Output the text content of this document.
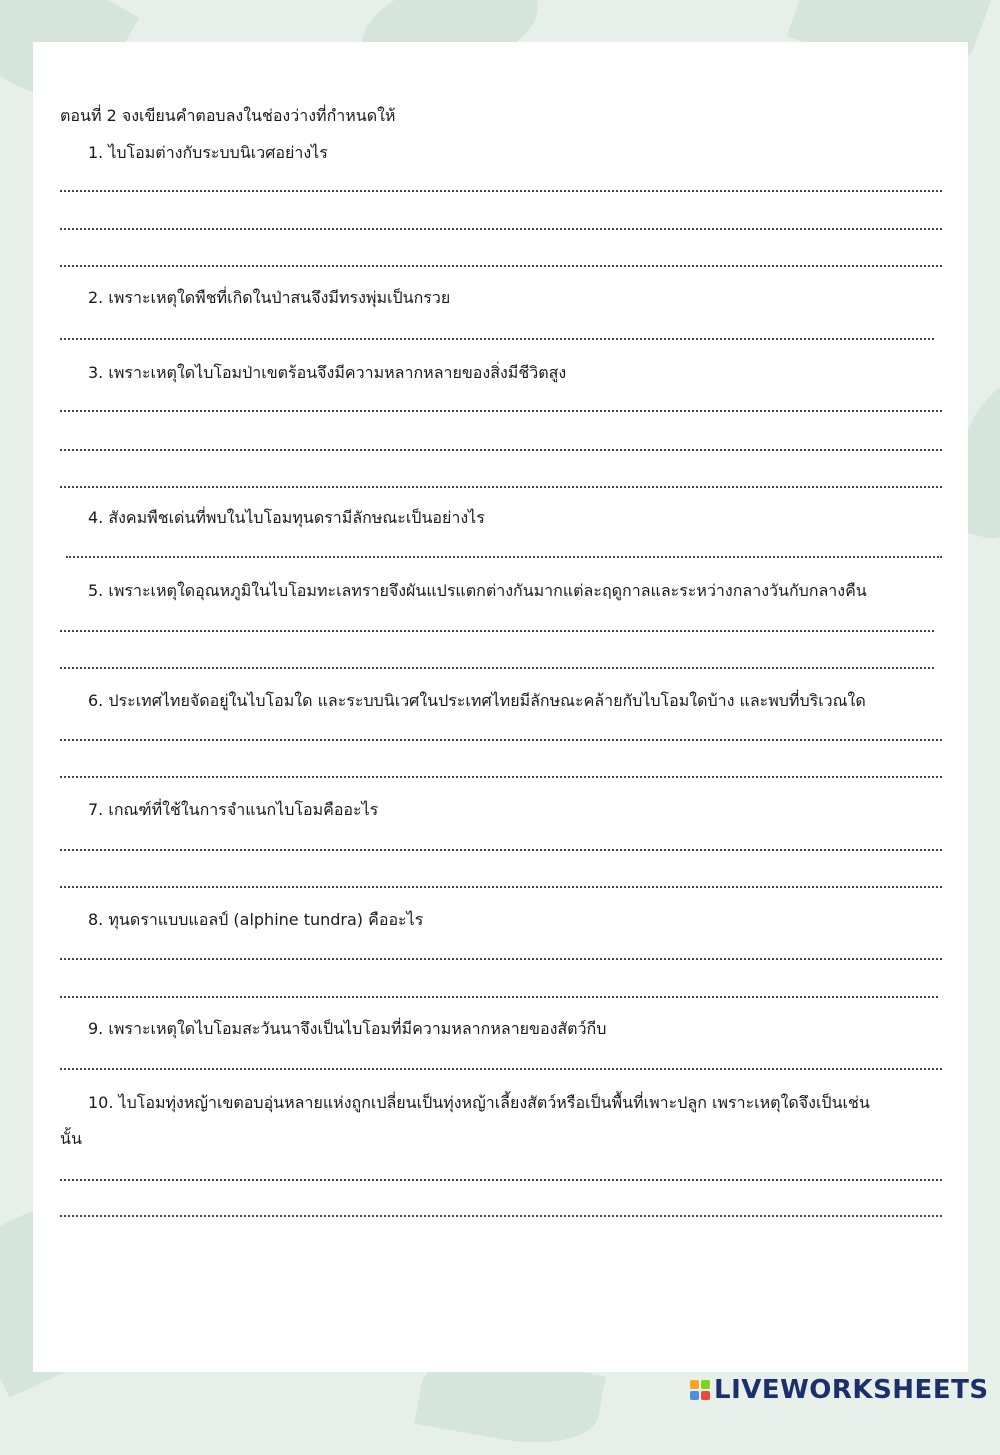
ตอนที่ 2 จงเขียนคำตอบลงในช่องว่างที่กำหนดให้
1. ไบโอมต่างกับระบบนิเวศอย่างไร
2. เพราะเหตุใดพืชที่เกิดในป่าสนจึงมีทรงพุ่มเป็นกรวย
3. เพราะเหตุใดไบโอมป่าเขตร้อนจึงมีความหลากหลายของสิ่งมีชีวิตสูง
4. สังคมพืชเด่นที่พบในไบโอมทุนดรามีลักษณะเป็นอย่างไร
5. เพราะเหตุใดอุณหภูมิในไบโอมทะเลทรายจึงผันแปรแตกต่างกันมากแต่ละฤดูกาลและระหว่างกลางวันกับกลางคืน
6. ประเทศไทยจัดอยู่ในไบโอมใด และระบบนิเวศในประเทศไทยมีลักษณะคล้ายกับไบโอมใดบ้าง และพบที่บริเวณใด
7. เกณฑ์ที่ใช้ในการจำแนกไบโอมคืออะไร
8. ทุนดราแบบแอลป์ (alphine tundra) คืออะไร
9. เพราะเหตุใดไบโอมสะวันนาจึงเป็นไบโอมที่มีความหลากหลายของสัตว์กีบ
10. ไบโอมทุ่งหญ้าเขตอบอุ่นหลายแห่งถูกเปลี่ยนเป็นทุ่งหญ้าเลี้ยงสัตว์หรือเป็นพื้นที่เพาะปลูก เพราะเหตุใดจึงเป็นเช่น
นั้น
LIVEWORKSHEETS
